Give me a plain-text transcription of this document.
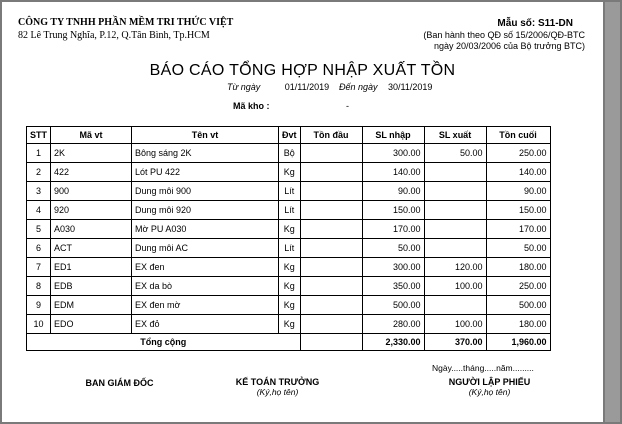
CÔNG TY TNHH PHẦN MỀM TRI THỨC VIỆT
82 Lê Trung Nghĩa, P.12, Q.Tân Bình, Tp.HCM
Mẫu số: S11-DN
(Ban hành theo QĐ số 15/2006/QĐ-BTC
ngày 20/03/2006 của Bộ trưởng BTC)
BÁO CÁO TỔNG HỢP NHẬP XUẤT TỒN
Từ ngày	01/11/2019 Đến ngày 30/11/2019
Mã kho :	-
STT	Mã vt	Tên vt	Đvt	Tồn đầu	SL nhập	SL xuất	Tồn cuối
1	2K	Bông sáng 2K	Bộ		300.00	50.00	250.00
2	422	Lót PU 422	Kg		140.00		140.00
3	900	Dung môi 900	Lít		90.00		90.00
4	920	Dung môi 920	Lít		150.00		150.00
5	A030	Mờ PU A030	Kg		170.00		170.00
6	ACT	Dung môi AC	Lít		50.00		50.00
7	ED1	EX đen	Kg		300.00	120.00	180.00
8	EDB	EX da bò	Kg		350.00	100.00	250.00
9	EDM	EX đen mờ	Kg		500.00		500.00
10	EDO	EX đỏ	Kg		280.00	100.00	180.00
Tổng cộng					2,330.00	370.00	1,960.00
Ngày.....tháng.....năm.........
BAN GIÁM ĐỐC	KẾ TOÁN TRƯỞNG
(Ký,họ tên)
NGƯỜI LẬP PHIẾU
(Ký,họ tên)
